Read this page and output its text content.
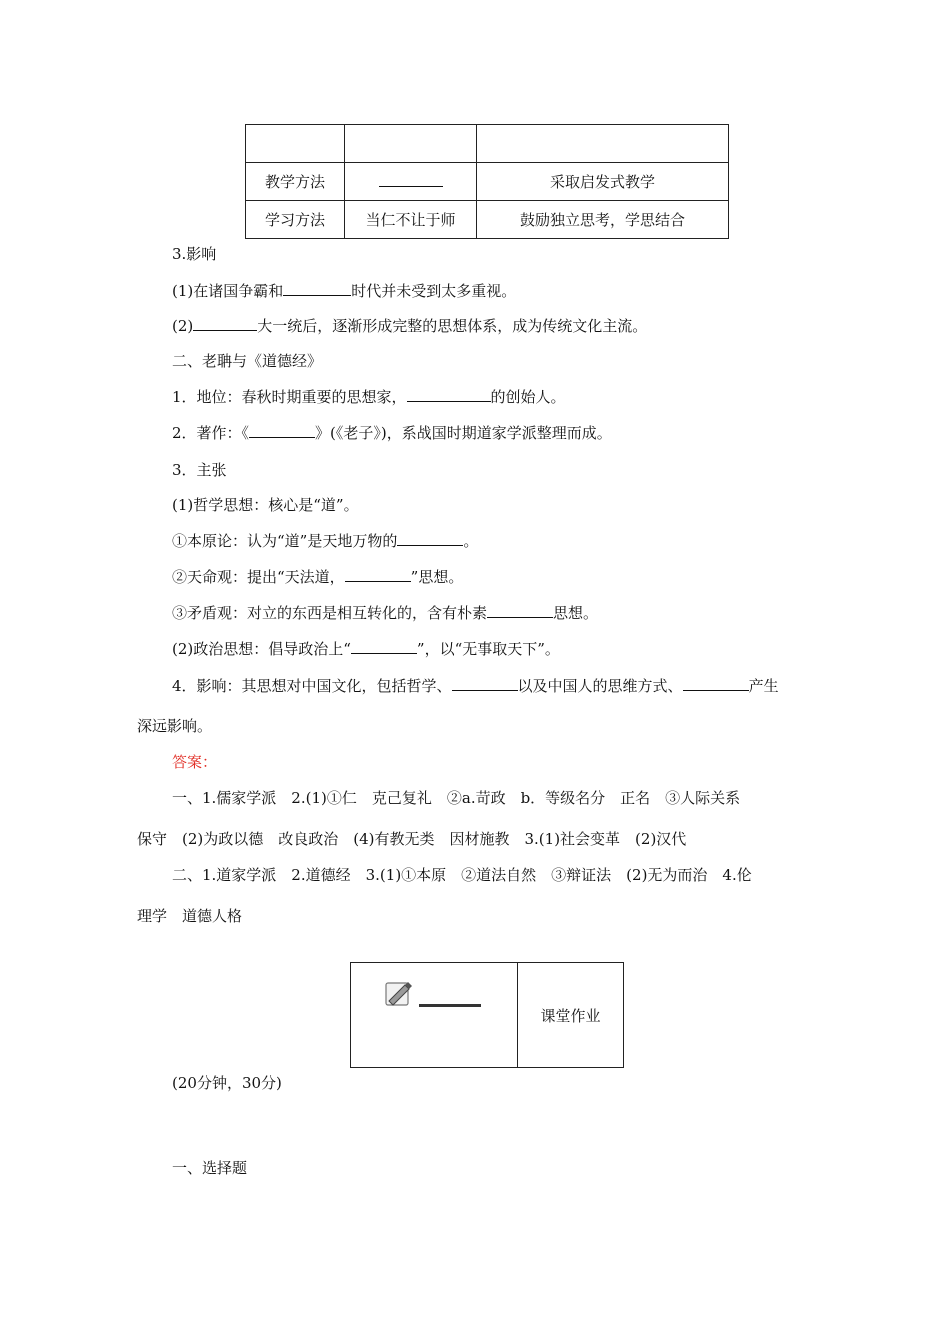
教学方法		采取启发式教学
学习方法	当仁不让于师	鼓励独立思考，学思结合
3.影响
(1)在诸国争霸和	时代并未受到太多重视。
(2)	大一统后，逐渐形成完整的思想体系，成为传统文化主流。
二、老聃与《道德经》
1．地位：春秋时期重要的思想家，	的创始人。
2．著作：《	》(《老子》)，系战国时期道家学派整理而成。
3．主张
(1)哲学思想：核心是“道”。
①本原论：认为“道”是天地万物的	。
②天命观：提出“天法道，	”思想。
③矛盾观：对立的东西是相互转化的，含有朴素	思想。
(2)政治思想：倡导政治上“	”，以“无事取天下”。
4．影响：其思想对中国文化，包括哲学、	以及中国人的思维方式、	产生
深远影响。
答案：
一、1.儒家学派　2.(1)①仁　克己复礼　②a.苛政　b．等级名分　正名　③人际关系
保守　(2)为政以德　改良政治　(4)有教无类　因材施教　3.(1)社会变革　(2)汉代
二、1.道家学派　2.道德经　3.(1)①本原　②道法自然　③辩证法　(2)无为而治　4.伦
理学　道德人格
课堂作业
(20分钟，30分)
一、选择题
